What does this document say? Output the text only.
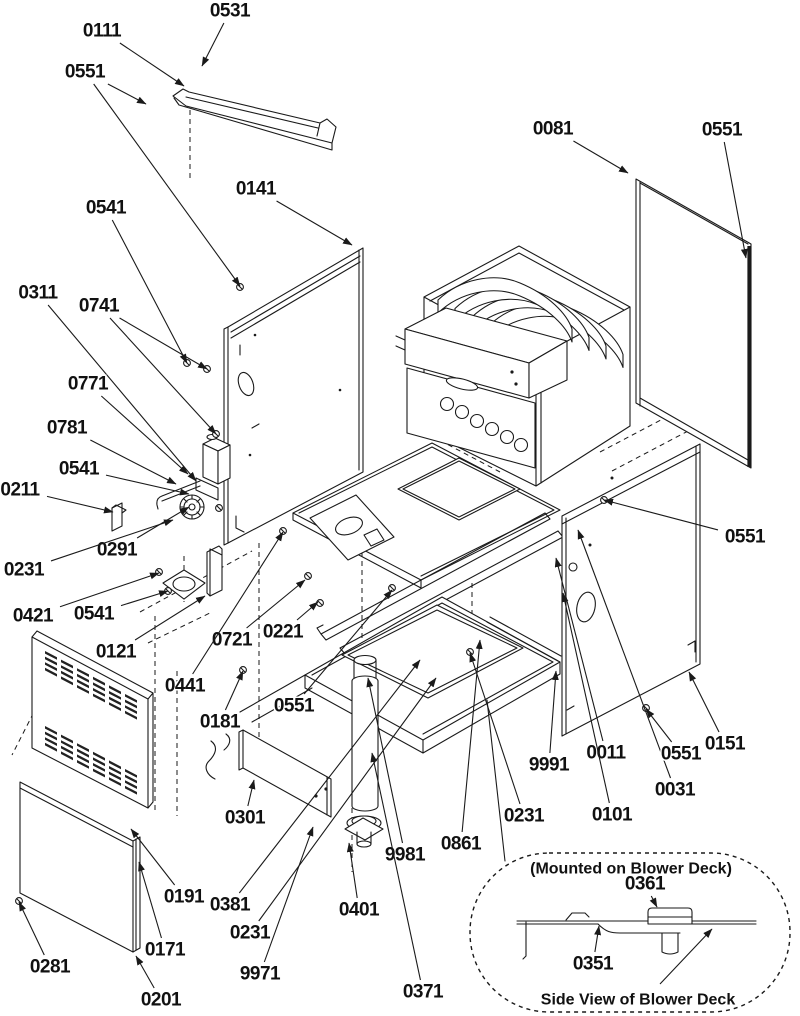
(Mounted on Blower Deck)
Side View of Blower Deck
0531
0111
0551
0081	0551
0141
0541
0311
0741
0771
0781
0541
0211
0291
0231
0421 0541
0121
0721 0221
0441
0181
0551
0551
0301
0191
0171
0281
0201
0381
0231
9971
0401
9981
0861
0371
0231
9991
0011
0101
0031
0551 0151
0361
0351
